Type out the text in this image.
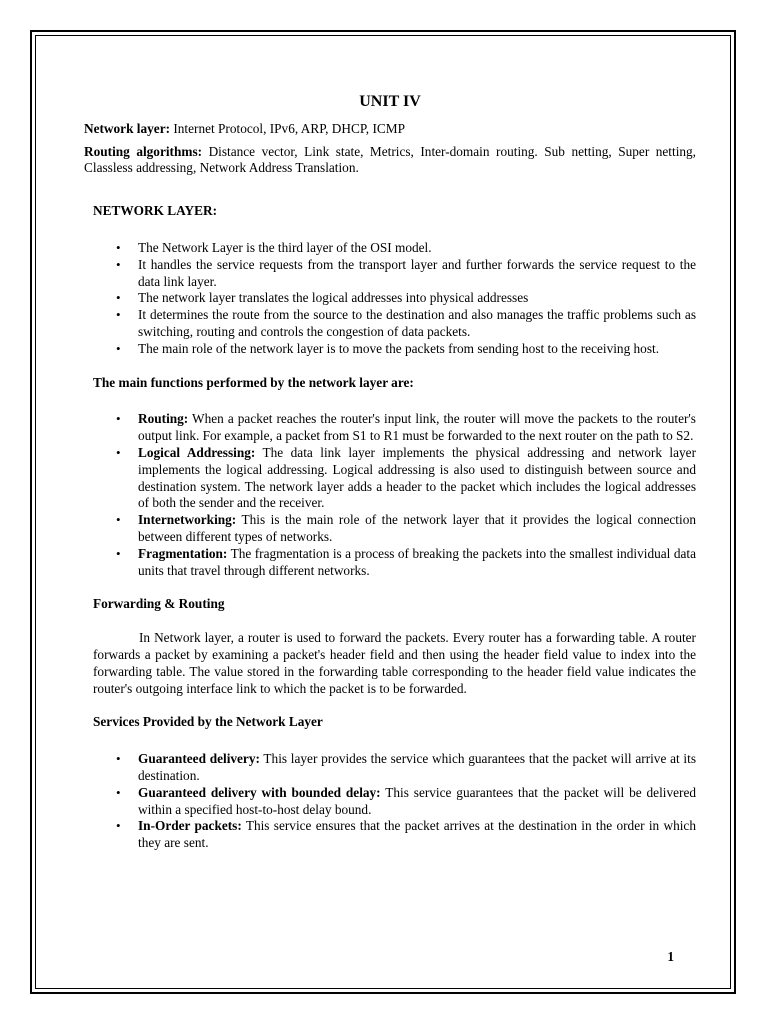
UNIT IV

Network layer: Internet Protocol, IPv6, ARP, DHCP, ICMP

Routing algorithms: Distance vector, Link state, Metrics, Inter-domain routing. Sub netting, Super netting, Classless addressing, Network Address Translation.

NETWORK LAYER:
• The Network Layer is the third layer of the OSI model.
• It handles the service requests from the transport layer and further forwards the service request to the data link layer.
• The network layer translates the logical addresses into physical addresses
• It determines the route from the source to the destination and also manages the traffic problems such as switching, routing and controls the congestion of data packets.
• The main role of the network layer is to move the packets from sending host to the receiving host.
The main functions performed by the network layer are:
• Routing: When a packet reaches the router's input link, the router will move the packets to the router's output link. For example, a packet from S1 to R1 must be forwarded to the next router on the path to S2.
• Logical Addressing: The data link layer implements the physical addressing and network layer implements the logical addressing. Logical addressing is also used to distinguish between source and destination system. The network layer adds a header to the packet which includes the logical addresses of both the sender and the receiver.
• Internetworking: This is the main role of the network layer that it provides the logical connection between different types of networks.
• Fragmentation: The fragmentation is a process of breaking the packets into the smallest individual data units that travel through different networks.
Forwarding & Routing

In Network layer, a router is used to forward the packets. Every router has a forwarding table. A router forwards a packet by examining a packet's header field and then using the header field value to index into the forwarding table. The value stored in the forwarding table corresponding to the header field value indicates the router's outgoing interface link to which the packet is to be forwarded.

Services Provided by the Network Layer
• Guaranteed delivery: This layer provides the service which guarantees that the packet will arrive at its destination.
• Guaranteed delivery with bounded delay: This service guarantees that the packet will be delivered within a specified host-to-host delay bound.
• In-Order packets: This service ensures that the packet arrives at the destination in the order in which they are sent.
1
